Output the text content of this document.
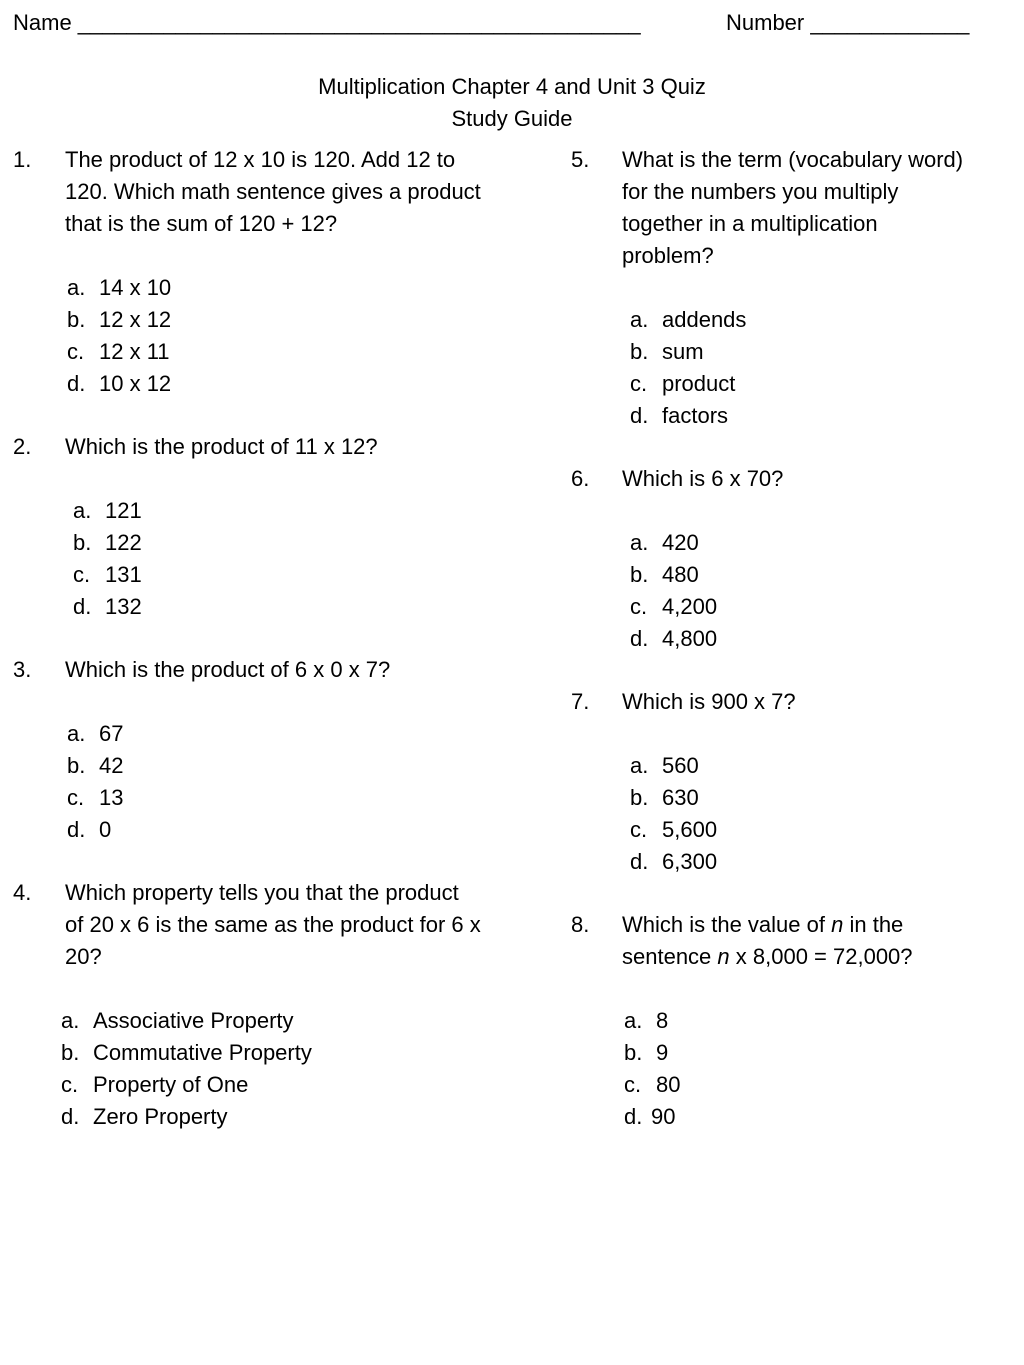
Name ______________________________________________	Number _____________
Multiplication Chapter 4 and Unit 3 Quiz
Study Guide
1. The product of 12 x 10 is 120. Add 12 to
120. Which math sentence gives a product
that is the sum of 120 + 12?
a. 14 x 10
b. 12 x 12
c. 12 x 11
d. 10 x 12
2. Which is the product of 11 x 12?
a. 121
b. 122
c. 131
d. 132
3. Which is the product of 6 x 0 x 7?
a. 67
b. 42
c. 13
d. 0
4. Which property tells you that the product
of 20 x 6 is the same as the product for 6 x
20?
a. Associative Property
b. Commutative Property
c. Property of One
d. Zero Property
5. What is the term (vocabulary word)
for the numbers you multiply
together in a multiplication
problem?
a. addends
b. sum
c. product
d. factors
6. Which is 6 x 70?
a. 420
b. 480
c. 4,200
d. 4,800
7. Which is 900 x 7?
a. 560
b. 630
c. 5,600
d. 6,300
8. Which is the value of n in the
sentence n x 8,000 = 72,000?
a. 8
b. 9
c. 80
d. 90
